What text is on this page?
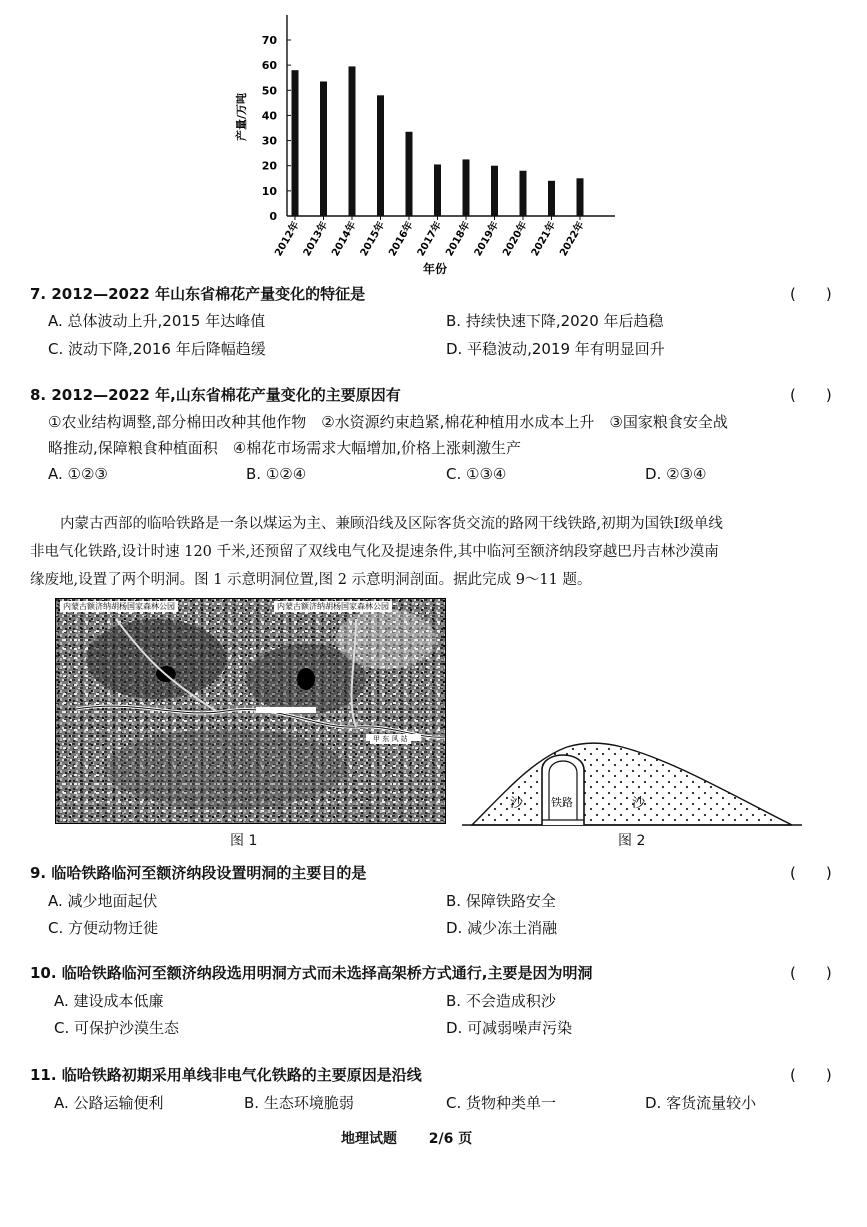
0
10
20
30
40
50
60
70
产量/万吨
2012年 2013年 2014年 2015年 2016年 2017年 2018年 2019年 2020年 2021年 2022年
年份
7. 2012—2022 年山东省棉花产量变化的特征是	(　　)
A. 总体波动上升,2015 年达峰值	B. 持续快速下降,2020 年后趋稳
C. 波动下降,2016 年后降幅趋缓	D. 平稳波动,2019 年有明显回升
8. 2012—2022 年,山东省棉花产量变化的主要原因有	(　　)
①农业结构调整,部分棉田改种其他作物　②水资源约束趋紧,棉花种植用水成本上升　③国家粮食安全战
略推动,保障粮食种植面积　④棉花市场需求大幅增加,价格上涨刺激生产
A. ①②③	B. ①②④	C. ①③④	D. ②③④
内蒙古西部的临哈铁路是一条以煤运为主、兼顾沿线及区际客货交流的路网干线铁路,初期为国铁Ⅰ级单线
非电气化铁路,设计时速 120 千米,还预留了双线电气化及提速条件,其中临河至额济纳段穿越巴丹吉林沙漠南
缘废地,设置了两个明洞。图 1 示意明洞位置,图 2 示意明洞剖面。据此完成 9～11 题。
内蒙古额济纳胡杨国家森林公园	内蒙古额济纳胡杨国家森林公园
甲 东 风 站
图 1
沙	铁路	沙
图 2
9. 临哈铁路临河至额济纳段设置明洞的主要目的是	(　　)
A. 减少地面起伏	B. 保障铁路安全
C. 方便动物迁徙	D. 减少冻土消融
10. 临哈铁路临河至额济纳段选用明洞方式而未选择高架桥方式通行,主要是因为明洞	(　　)
A. 建设成本低廉	B. 不会造成积沙
C. 可保护沙漠生态	D. 可减弱噪声污染
11. 临哈铁路初期采用单线非电气化铁路的主要原因是沿线	(　　)
A. 公路运输便利	B. 生态环境脆弱	C. 货物种类单一	D. 客货流量较小
地理试题 2/6 页
